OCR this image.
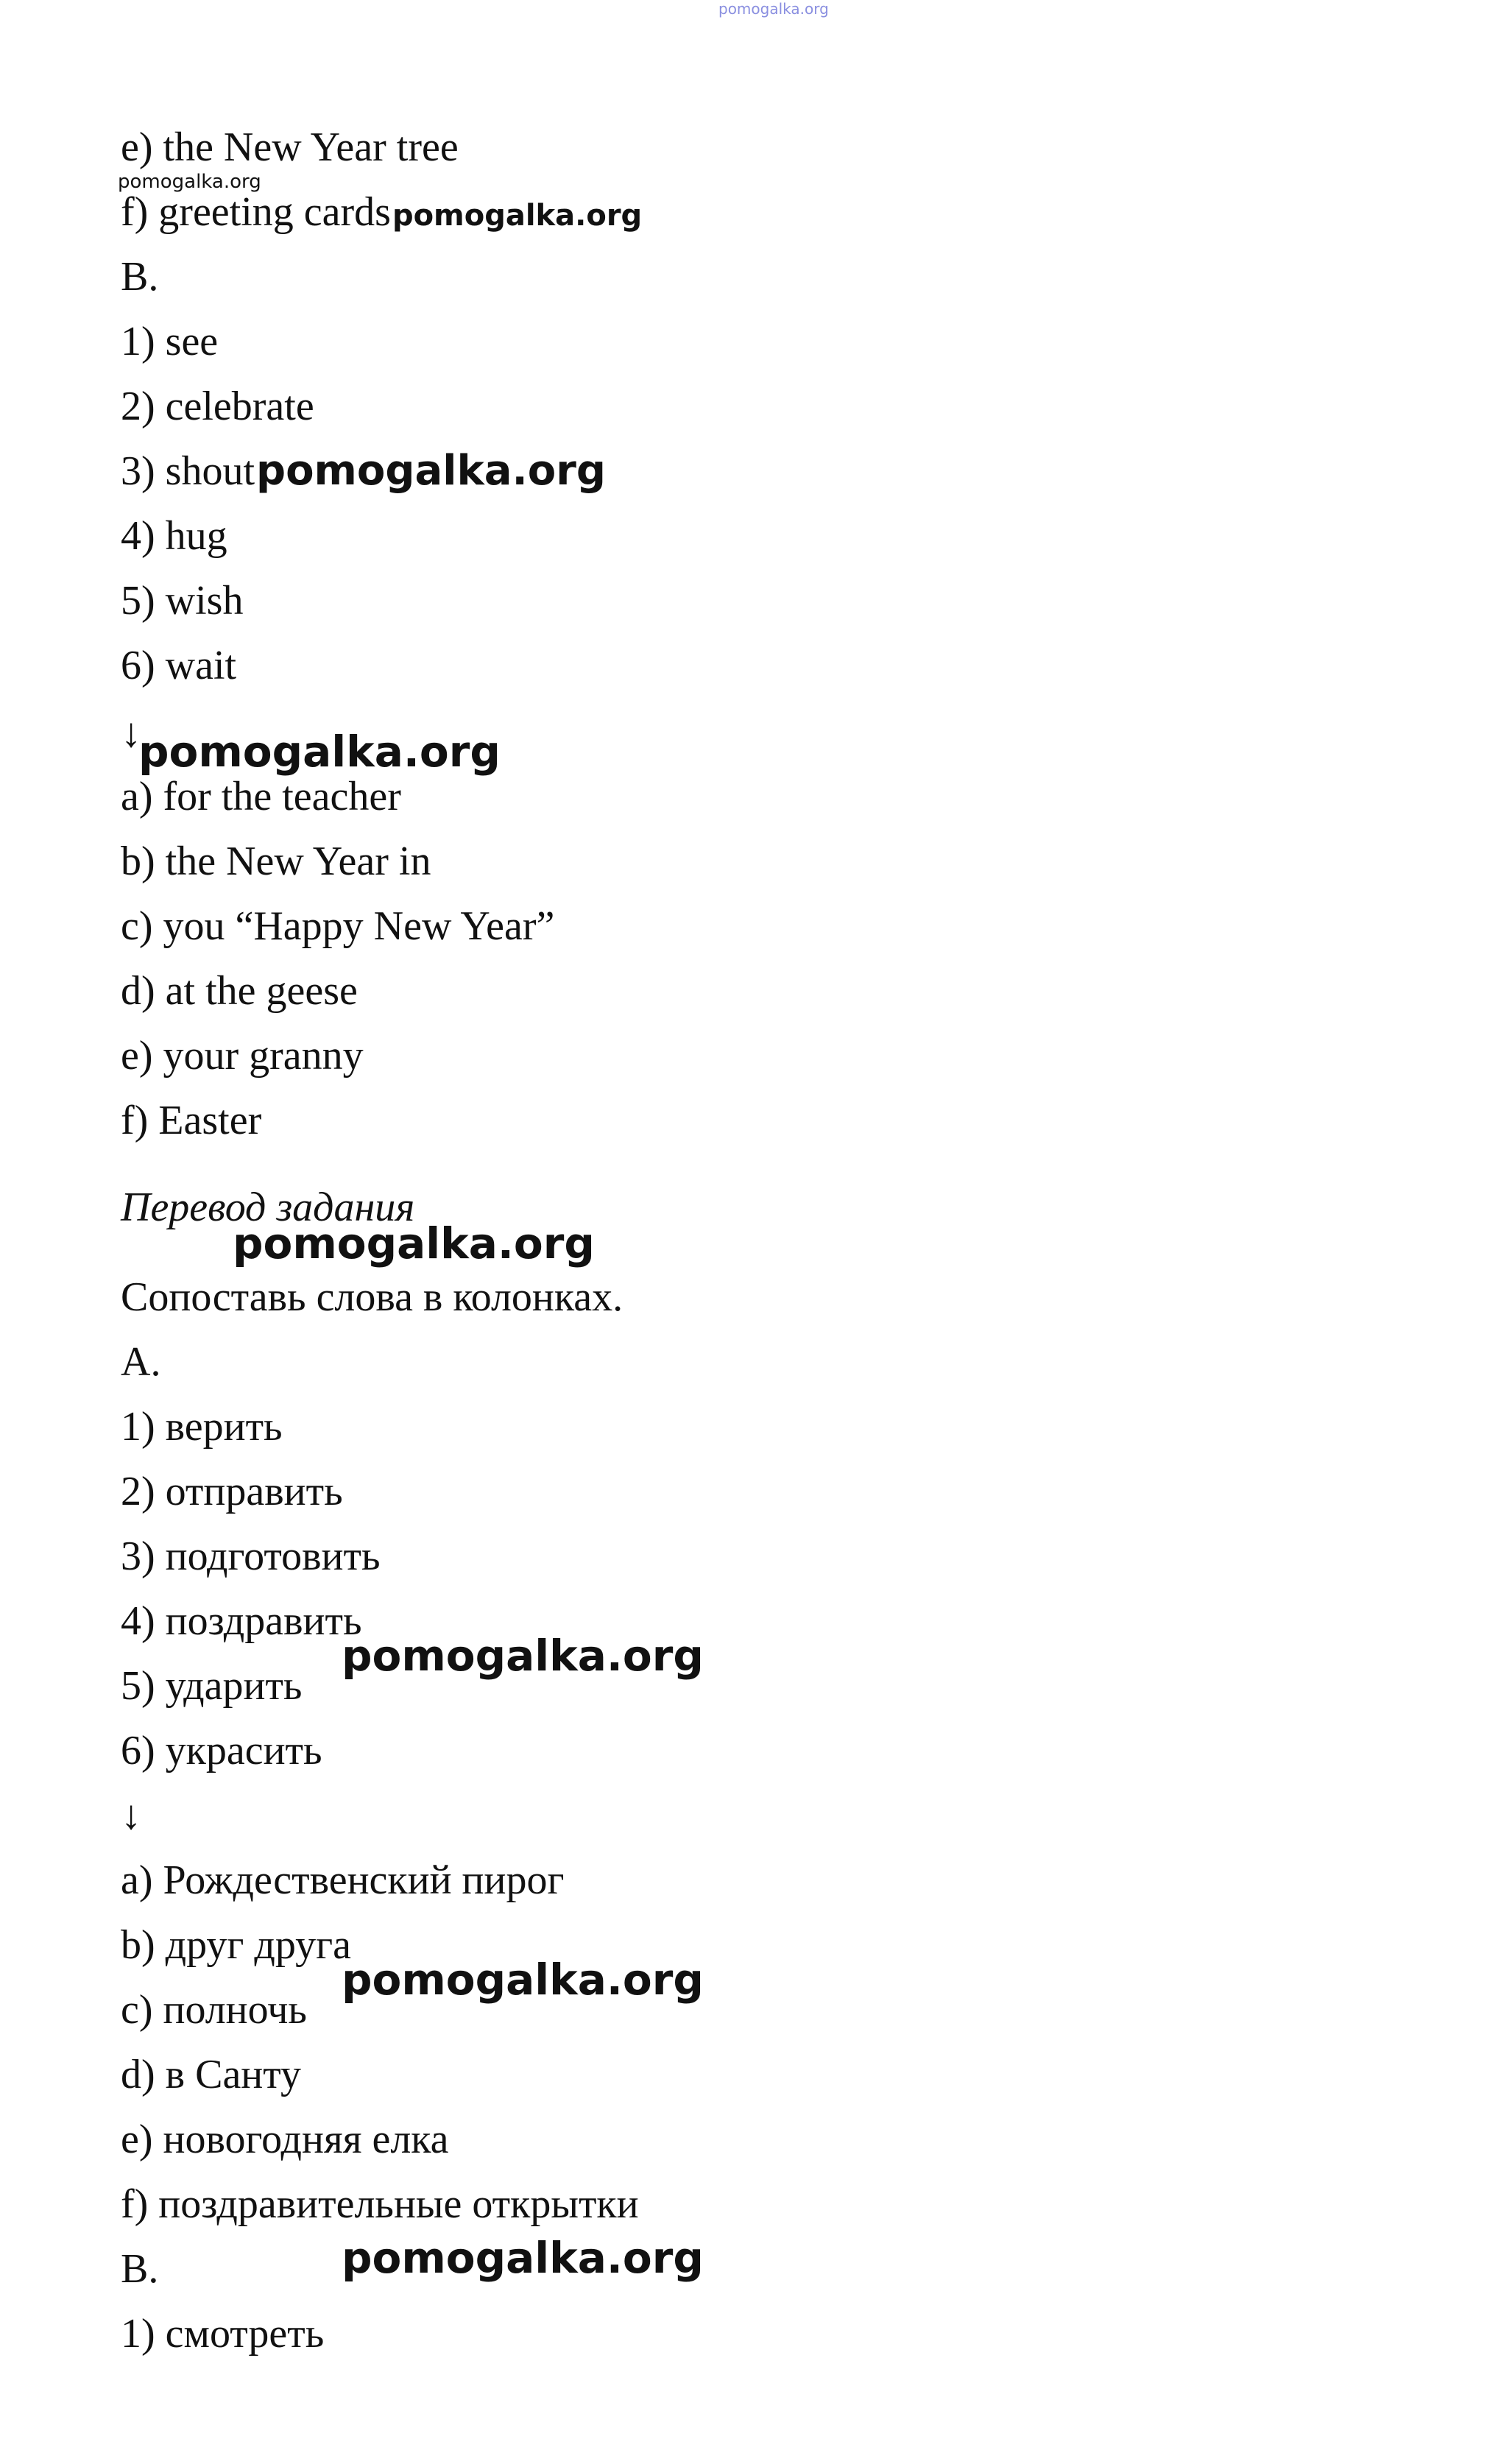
pomogalka.org
e) the New Year tree
pomogalka.org
f) greeting cardspomogalka.org
B.
1) see
2) celebrate
3) shoutpomogalka.org
4) hug
5) wish
6) wait
↓
pomogalka.org
a) for the teacher
b) the New Year in
c) you “Happy New Year”
d) at the geese
e) your granny
f) Easter
Перевод задания
pomogalka.org
Сопоставь слова в колонках.
A.
1) верить
2) отправить
3) подготовить
4) поздравить
pomogalka.org
5) ударить
6) украсить
↓
a) Рождественский пирог
b) друг друга
pomogalka.org
c) полночь
d) в Санту
e) новогодняя елка
f) поздравительные открытки
B.	pomogalka.org
1) смотреть
